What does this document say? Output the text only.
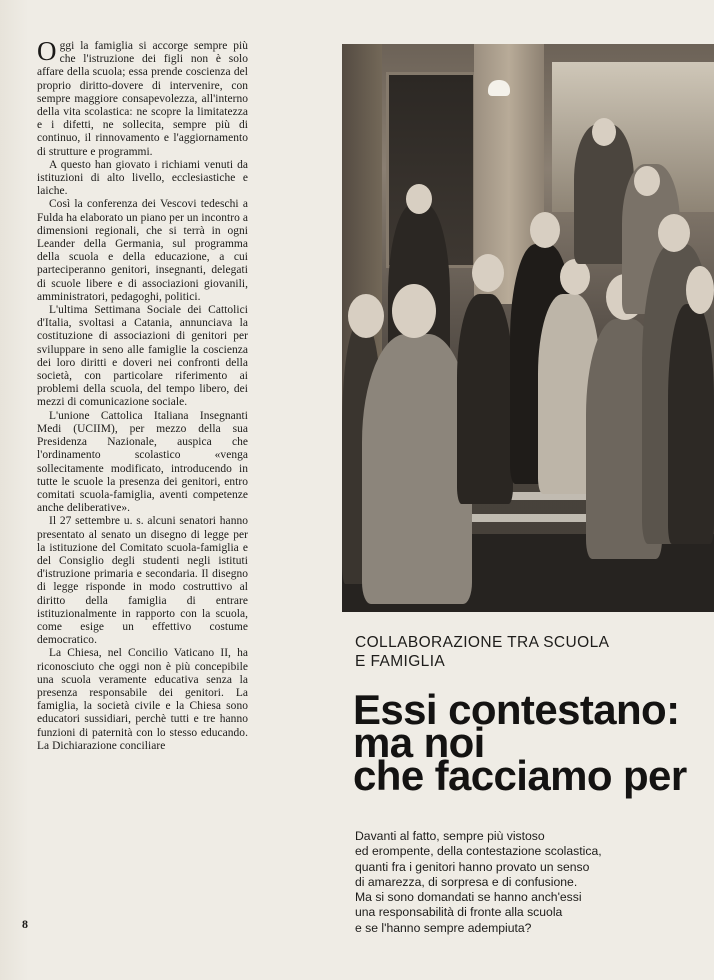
Oggi la famiglia si accorge sempre più che l'istruzione dei figli non è solo affare della scuola; essa prende coscienza del proprio diritto-dovere di intervenire, con sempre maggiore consapevolezza, all'interno della vita scolastica: ne scopre la limitatezza e i difetti, ne sollecita, sempre più di continuo, il rinnovamento e l'aggiornamento di strutture e programmi.

A questo han giovato i richiami venuti da istituzioni di alto livello, ecclesiastiche e laiche.

Così la conferenza dei Vescovi tedeschi a Fulda ha elaborato un piano per un incontro a dimensioni regionali, che si terrà in ogni Leander della Germania, sul programma della scuola e della educazione, a cui parteciperanno genitori, insegnanti, delegati di scuole libere e di associazioni giovanili, amministratori, pedagoghi, politici.

L'ultima Settimana Sociale dei Cattolici d'Italia, svoltasi a Catania, annunciava la costituzione di associazioni di genitori per sviluppare in seno alle famiglie la coscienza dei loro diritti e doveri nei confronti della società, con particolare riferimento ai problemi della scuola, del tempo libero, dei mezzi di comunicazione sociale.

L'unione Cattolica Italiana Insegnanti Medi (UCIIM), per mezzo della sua Presidenza Nazionale, auspica che l'ordinamento scolastico «venga sollecitamente modificato, introducendo in tutte le scuole la presenza dei genitori, entro comitati scuola-famiglia, aventi competenze anche deliberative».

Il 27 settembre u. s. alcuni senatori hanno presentato al senato un disegno di legge per la istituzione del Comitato scuola-famiglia e del Consiglio degli studenti negli istituti d'istruzione primaria e secondaria. Il disegno di legge risponde in modo costruttivo al diritto della famiglia di entrare istituzionalmente in rapporto con la scuola, come esige un effettivo costume democratico.

La Chiesa, nel Concilio Vaticano II, ha riconosciuto che oggi non è più concepibile una scuola veramente educativa senza la presenza responsabile dei genitori. La famiglia, la società civile e la Chiesa sono educatori sussidiari, perchè tutti e tre hanno funzioni di paternità con lo stesso educando. La Dichiarazione conciliare

8
COLLABORAZIONE TRA SCUOLA
E FAMIGLIA
Essi contestano:
ma noi
che facciamo per
Davanti al fatto, sempre più vistoso
ed erompente, della contestazione scolastica,
quanti fra i genitori hanno provato un senso
di amarezza, di sorpresa e di confusione.
Ma si sono domandati se hanno anch'essi
una responsabilità di fronte alla scuola
e se l'hanno sempre adempiuta?
